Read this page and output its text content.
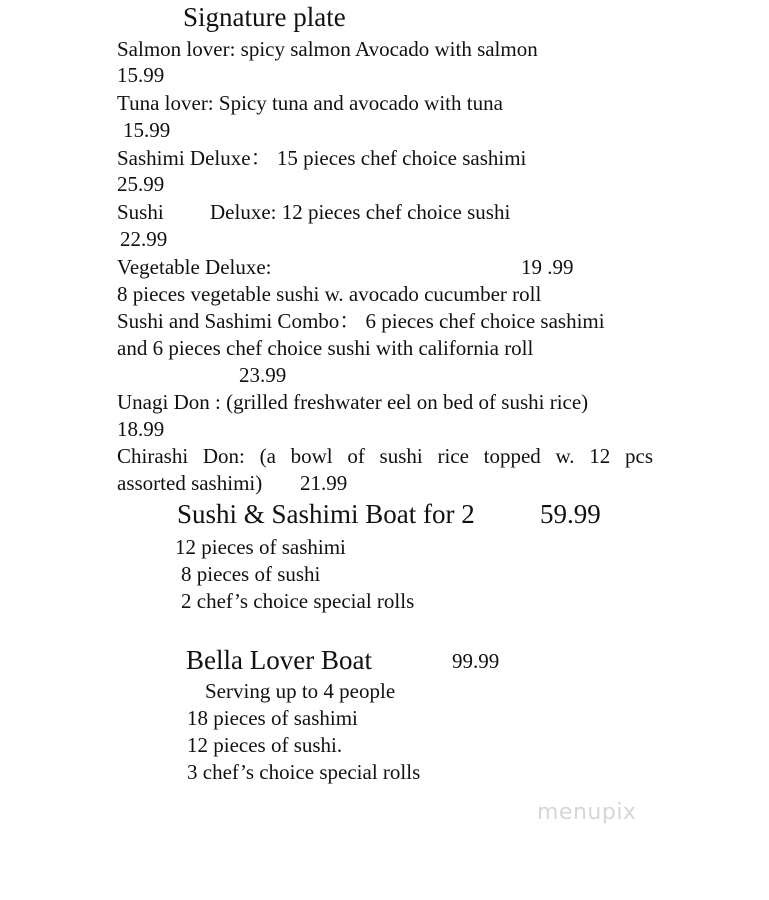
Signature plate
Salmon lover: spicy salmon Avocado with salmon
15.99
Tuna lover: Spicy tuna and avocado with tuna
15.99
Sashimi Deluxe： 15 pieces chef choice sashimi
25.99
Sushi Deluxe: 12 pieces chef choice sushi
22.99
Vegetable Deluxe:	19 .99
8 pieces vegetable sushi w. avocado cucumber roll
Sushi and Sashimi Combo： 6 pieces chef choice sashimi
and 6 pieces chef choice sushi with california roll
23.99
Unagi Don : (grilled freshwater eel on bed of sushi rice)
18.99
Chirashi Don: (a bowl of sushi rice topped w. 12 pcs
assorted sashimi) 21.99
Sushi & Sashimi Boat for 2 59.99
12 pieces of sashimi
8 pieces of sushi
2 chef’s choice special rolls
Bella Lover Boat	99.99
Serving up to 4 people
18 pieces of sashimi
12 pieces of sushi.
3 chef’s choice special rolls
menupix
